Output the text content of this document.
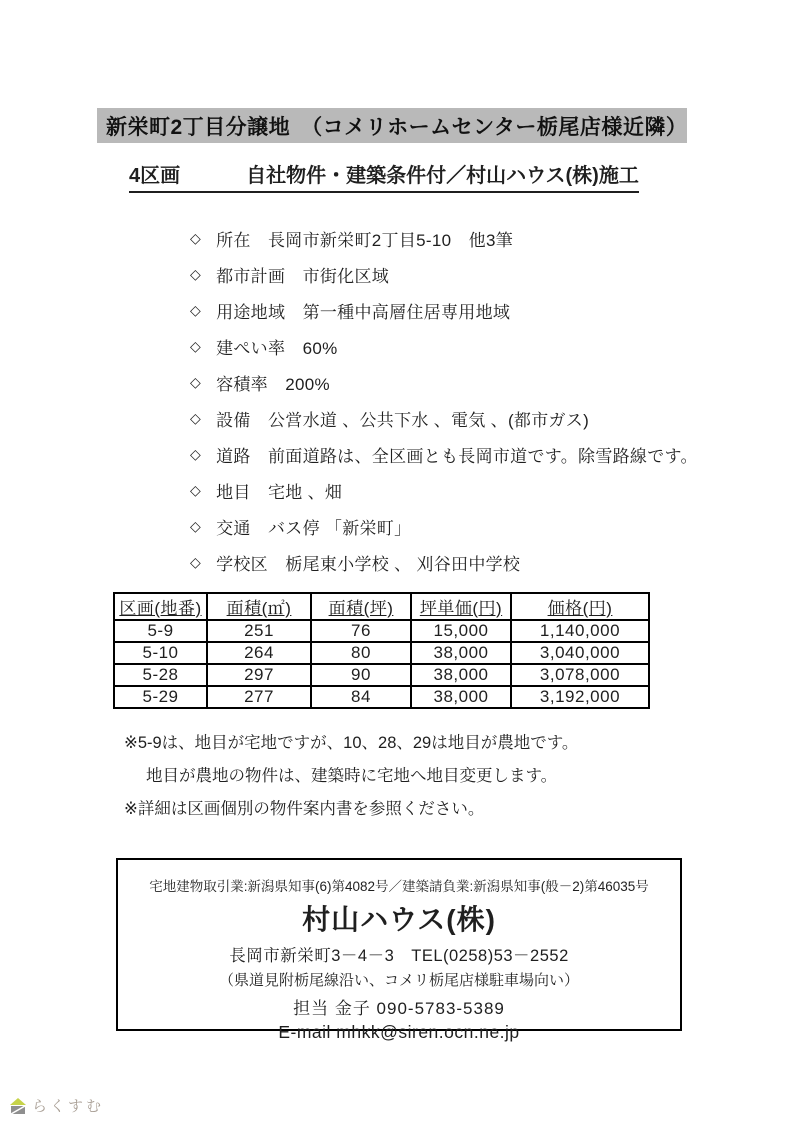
新栄町2丁目分譲地　（コメリホームセンター栃尾店様近隣）
4区画	自社物件・建築条件付／村山ハウス(株)施工
◇ 所在　長岡市新栄町2丁目5-10　他3筆
◇ 都市計画　市街化区域
◇ 用途地域　第一種中高層住居専用地域
◇ 建ぺい率　60%
◇ 容積率　200%
◇ 設備　公営水道 、公共下水 、電気 、(都市ガス)
◇ 道路　前面道路は、全区画とも長岡市道です。除雪路線です。
◇ 地目　宅地 、畑
◇ 交通　バス停 「新栄町」
◇ 学校区　栃尾東小学校 、 刈谷田中学校
区画(地番)	面積(㎡)	面積(坪)	坪単価(円)	価格(円)
5-9	251	76	15,000	1,140,000
5-10	264	80	38,000	3,040,000
5-28	297	90	38,000	3,078,000
5-29	277	84	38,000	3,192,000
※5-9は、地目が宅地ですが、10、28、29は地目が農地です。
地目が農地の物件は、建築時に宅地へ地目変更します。
※詳細は区画個別の物件案内書を参照ください。
宅地建物取引業:新潟県知事(6)第4082号／建築請負業:新潟県知事(般－2)第46035号
村山ハウス(株)
長岡市新栄町3－4－3　TEL(0258)53－2552
（県道見附栃尾線沿い、コメリ栃尾店様駐車場向い）
担当 金子 090-5783-5389
E-mail mhkk@siren.ocn.ne.jp
らくすむ
